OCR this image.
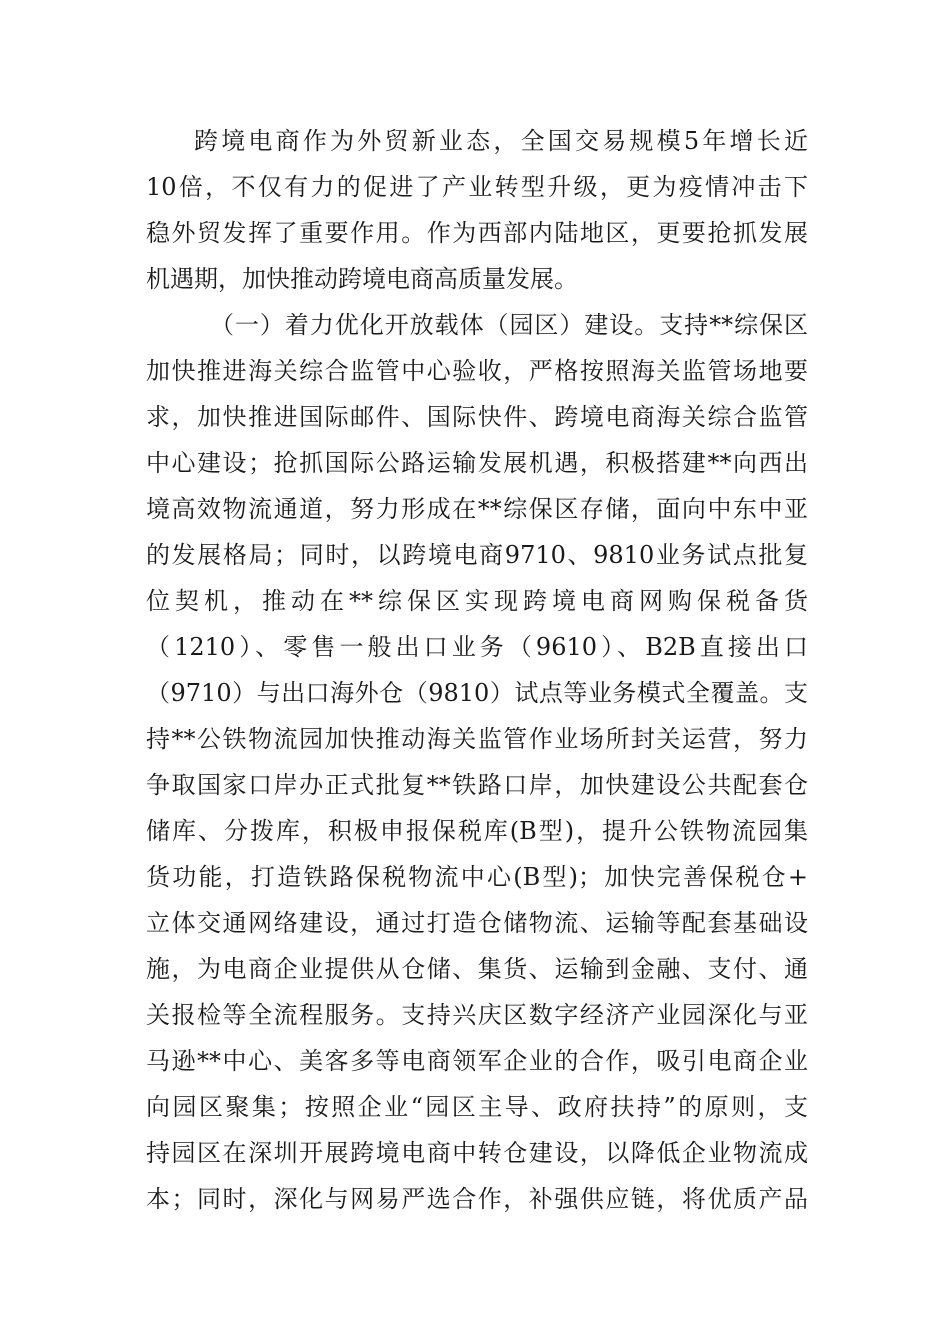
跨境电商作为外贸新业态，全国交易规模5年增长近
10倍，不仅有力的促进了产业转型升级，更为疫情冲击下
稳外贸发挥了重要作用。作为西部内陆地区，更要抢抓发展
机遇期，加快推动跨境电商高质量发展。
（一）着力优化开放载体（园区）建设。支持**综保区
加快推进海关综合监管中心验收，严格按照海关监管场地要
求，加快推进国际邮件、国际快件、跨境电商海关综合监管
中心建设；抢抓国际公路运输发展机遇，积极搭建**向西出
境高效物流通道，努力形成在**综保区存储，面向中东中亚
的发展格局；同时，以跨境电商9710、9810业务试点批复
位契机，推动在**综保区实现跨境电商网购保税备货
（1210）、零售一般出口业务（9610）、B2B直接出口
（9710）与出口海外仓（9810）试点等业务模式全覆盖。支
持**公铁物流园加快推动海关监管作业场所封关运营，努力
争取国家口岸办正式批复**铁路口岸，加快建设公共配套仓
储库、分拨库，积极申报保税库(B型)，提升公铁物流园集
货功能，打造铁路保税物流中心(B型)；加快完善保税仓+
立体交通网络建设，通过打造仓储物流、运输等配套基础设
施，为电商企业提供从仓储、集货、运输到金融、支付、通
关报检等全流程服务。支持兴庆区数字经济产业园深化与亚
马逊**中心、美客多等电商领军企业的合作，吸引电商企业
向园区聚集；按照企业“园区主导、政府扶持”的原则，支
持园区在深圳开展跨境电商中转仓建设，以降低企业物流成
本；同时，深化与网易严选合作，补强供应链，将优质产品
